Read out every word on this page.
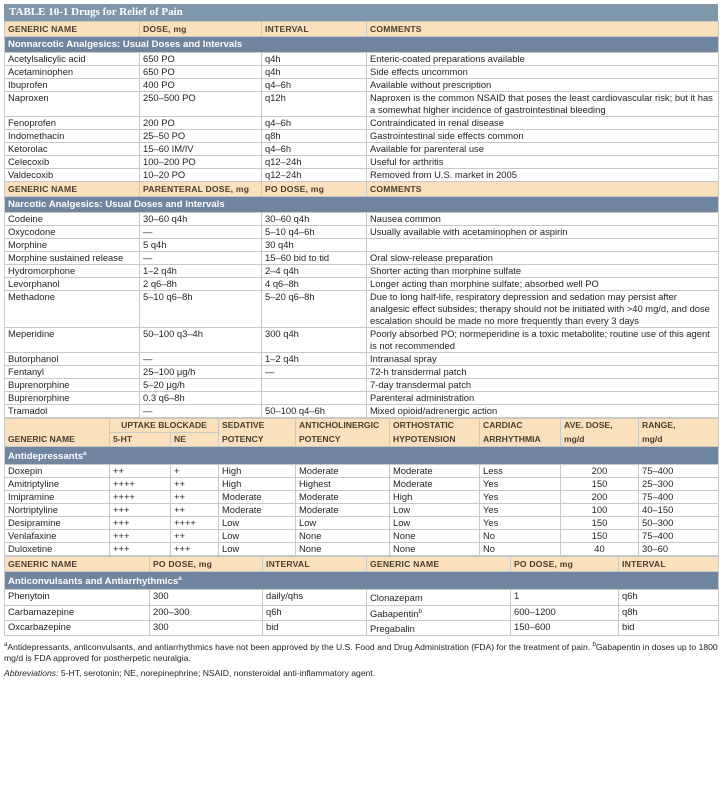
TABLE 10-1 Drugs for Relief of Pain
GENERIC NAME	DOSE, mg	INTERVAL	COMMENTS
Nonnarcotic Analgesics: Usual Doses and Intervals			
Acetylsalicylic acid	650 PO	q4h	Enteric-coated preparations available
Acetaminophen	650 PO	q4h	Side effects uncommon
Ibuprofen	400 PO	q4–6h	Available without prescription
Naproxen	250–500 PO	q12h	Naproxen is the common NSAID that poses the least cardiovascular risk; but it has a somewhat higher incidence of gastrointestinal bleeding
Fenoprofen	200 PO	q4–6h	Contraindicated in renal disease
Indomethacin	25–50 PO	q8h	Gastrointestinal side effects common
Ketorolac	15–60 IM/IV	q4–6h	Available for parenteral use
Celecoxib	100–200 PO	q12–24h	Useful for arthritis
Valdecoxib	10–20 PO	q12–24h	Removed from U.S. market in 2005
GENERIC NAME	PARENTERAL DOSE, mg	PO DOSE, mg	COMMENTS
Narcotic Analgesics: Usual Doses and Intervals			
Codeine	30–60 q4h	30–60 q4h	Nausea common
Oxycodone	—	5–10 q4–6h	Usually available with acetaminophen or aspirin
Morphine	5 q4h	30 q4h	
Morphine sustained release	—	15–60 bid to tid	Oral slow-release preparation
Hydromorphone	1–2 q4h	2–4 q4h	Shorter acting than morphine sulfate
Levorphanol	2 q6–8h	4 q6–8h	Longer acting than morphine sulfate; absorbed well PO
Methadone	5–10 q6–8h	5–20 q6–8h	Due to long half-life, respiratory depression and sedation may persist after analgesic effect subsides; therapy should not be initiated with >40 mg/d, and dose escalation should be made no more frequently than every 3 days
Meperidine	50–100 q3–4h	300 q4h	Poorly absorbed PO; normeperidine is a toxic metabolite; routine use of this agent is not recommended
Butorphanol	—	1–2 q4h	Intranasal spray
Fentanyl	25–100 μg/h	—	72-h transdermal patch
Buprenorphine	5–20 μg/h		7-day transdermal patch
Buprenorphine	0.3 q6–8h		Parenteral administration
Tramadol	—	50–100 q4–6h	Mixed opioid/adrenergic action
	UPTAKE BLOCKADE		SEDATIVE	ANTICHOLINERGIC	ORTHOSTATIC	CARDIAC	AVE. DOSE,	RANGE,
GENERIC NAME	5-HT	NE	POTENCY	POTENCY	HYPOTENSION	ARRHYTHMIA	mg/d	mg/d
Antidepressants$^a$
Doxepin	++	+	High	Moderate	Moderate	Less	200	75–400
Amitriptyline	++++	++	High	Highest	Moderate	Yes	150	25–300
Imipramine	++++	++	Moderate	Moderate	High	Yes	200	75–400
Nortriptyline	+++	++	Moderate	Moderate	Low	Yes	100	40–150
Desipramine	+++	++++	Low	Low	Low	Yes	150	50–300
Venlafaxine	+++	++	Low	None	None	No	150	75–400
Duloxetine	+++	+++	Low	None	None	No	40	30–60
GENERIC NAME	PO DOSE, mg	INTERVAL	GENERIC NAME	PO DOSE, mg	INTERVAL
Anticonvulsants and Antiarrhythmics$^a$
Phenytoin	300	daily/qhs	Clonazepam	1	q6h
Carbamazepine	200–300	q6h	Gabapentin$^b$	600–1200	q8h
Oxcarbazepine	300	bid	Pregabalin	150–600	bid
$^a$Antidepressants, anticonvulsants, and antiarrhythmics have not been approved by the U.S. Food and Drug Administration (FDA) for the treatment of pain. $^b$Gabapentin in doses up to 1800 mg/d is FDA approved for postherpetic neuralgia.
Abbreviations: 5-HT, serotonin; NE, norepinephrine; NSAID, nonsteroidal anti-inflammatory agent.
